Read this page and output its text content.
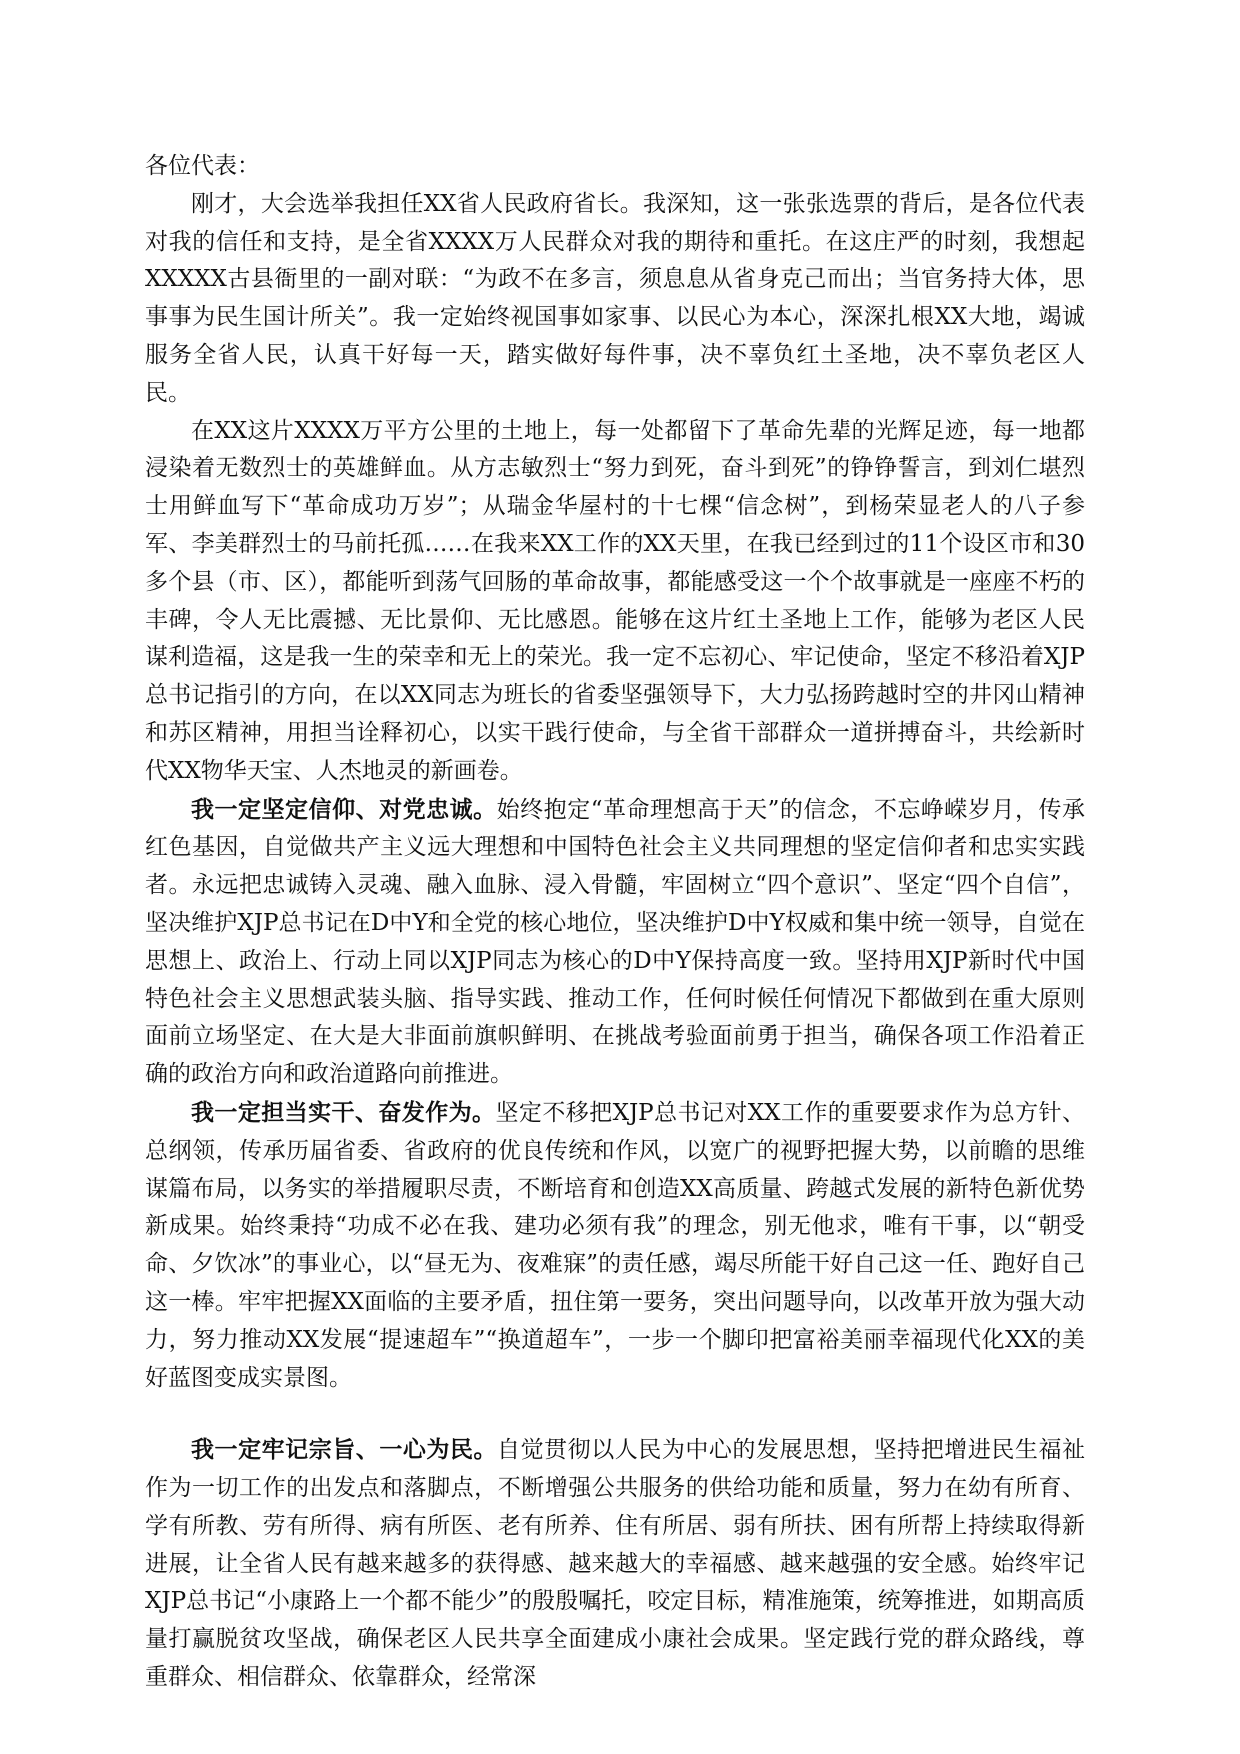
各位代表：

刚才，大会选举我担任XX省人民政府省长。我深知，这一张张选票的背后，是各位代表对我的信任和支持，是全省XXXX万人民群众对我的期待和重托。在这庄严的时刻，我想起XXXXX古县衙里的一副对联：“为政不在多言，须息息从省身克己而出；当官务持大体，思事事为民生国计所关”。我一定始终视国事如家事、以民心为本心，深深扎根XX大地，竭诚服务全省人民，认真干好每一天，踏实做好每件事，决不辜负红土圣地，决不辜负老区人民。

在XX这片XXXX万平方公里的土地上，每一处都留下了革命先辈的光辉足迹，每一地都浸染着无数烈士的英雄鲜血。从方志敏烈士“努力到死，奋斗到死”的铮铮誓言，到刘仁堪烈士用鲜血写下“革命成功万岁”；从瑞金华屋村的十七棵“信念树”，到杨荣显老人的八子参军、李美群烈士的马前托孤……在我来XX工作的XX天里，在我已经到过的11个设区市和30多个县（市、区），都能听到荡气回肠的革命故事，都能感受这一个个故事就是一座座不朽的丰碑，令人无比震撼、无比景仰、无比感恩。能够在这片红土圣地上工作，能够为老区人民谋利造福，这是我一生的荣幸和无上的荣光。我一定不忘初心、牢记使命，坚定不移沿着XJP总书记指引的方向，在以XX同志为班长的省委坚强领导下，大力弘扬跨越时空的井冈山精神和苏区精神，用担当诠释初心，以实干践行使命，与全省干部群众一道拼搏奋斗，共绘新时代XX物华天宝、人杰地灵的新画卷。

我一定坚定信仰、对党忠诚。始终抱定“革命理想高于天”的信念，不忘峥嵘岁月，传承红色基因，自觉做共产主义远大理想和中国特色社会主义共同理想的坚定信仰者和忠实实践者。永远把忠诚铸入灵魂、融入血脉、浸入骨髓，牢固树立“四个意识”、坚定“四个自信”，坚决维护XJP总书记在D中Y和全党的核心地位，坚决维护D中Y权威和集中统一领导，自觉在思想上、政治上、行动上同以XJP同志为核心的D中Y保持高度一致。坚持用XJP新时代中国特色社会主义思想武装头脑、指导实践、推动工作，任何时候任何情况下都做到在重大原则面前立场坚定、在大是大非面前旗帜鲜明、在挑战考验面前勇于担当，确保各项工作沿着正确的政治方向和政治道路向前推进。

我一定担当实干、奋发作为。坚定不移把XJP总书记对XX工作的重要要求作为总方针、总纲领，传承历届省委、省政府的优良传统和作风，以宽广的视野把握大势，以前瞻的思维谋篇布局，以务实的举措履职尽责，不断培育和创造XX高质量、跨越式发展的新特色新优势新成果。始终秉持“功成不必在我、建功必须有我”的理念，别无他求，唯有干事，以“朝受命、夕饮冰”的事业心，以“昼无为、夜难寐”的责任感，竭尽所能干好自己这一任、跑好自己这一棒。牢牢把握XX面临的主要矛盾，扭住第一要务，突出问题导向，以改革开放为强大动力，努力推动XX发展“提速超车”“换道超车”，一步一个脚印把富裕美丽幸福现代化XX的美好蓝图变成实景图。

我一定牢记宗旨、一心为民。自觉贯彻以人民为中心的发展思想，坚持把增进民生福祉作为一切工作的出发点和落脚点，不断增强公共服务的供给功能和质量，努力在幼有所育、学有所教、劳有所得、病有所医、老有所养、住有所居、弱有所扶、困有所帮上持续取得新进展，让全省人民有越来越多的获得感、越来越大的幸福感、越来越强的安全感。始终牢记XJP总书记“小康路上一个都不能少”的殷殷嘱托，咬定目标，精准施策，统筹推进，如期高质量打赢脱贫攻坚战，确保老区人民共享全面建成小康社会成果。坚定践行党的群众路线，尊重群众、相信群众、依靠群众，经常深
